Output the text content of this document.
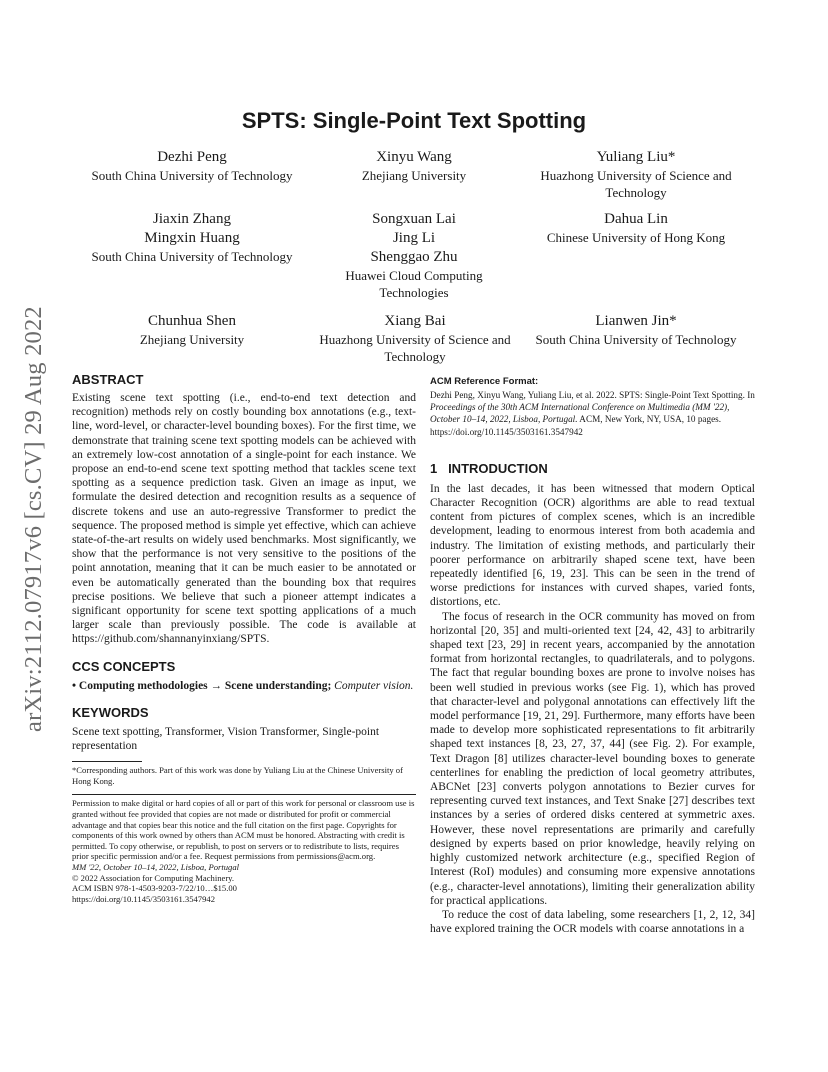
arXiv:2112.07917v6 [cs.CV] 29 Aug 2022
SPTS: Single-Point Text Spotting
Dezhi Peng
South China University of Technology
Xinyu Wang
Zhejiang University
Yuliang Liu*
Huazhong University of Science and Technology
Jiaxin Zhang
Mingxin Huang
South China University of Technology
Songxuan Lai
Jing Li
Shenggao Zhu
Huawei Cloud Computing Technologies
Dahua Lin
Chinese University of Hong Kong
Chunhua Shen
Zhejiang University
Xiang Bai
Huazhong University of Science and Technology
Lianwen Jin*
South China University of Technology
ABSTRACT

Existing scene text spotting (i.e., end-to-end text detection and recognition) methods rely on costly bounding box annotations (e.g., text-line, word-level, or character-level bounding boxes). For the first time, we demonstrate that training scene text spotting models can be achieved with an extremely low-cost annotation of a single-point for each instance. We propose an end-to-end scene text spotting method that tackles scene text spotting as a sequence prediction task. Given an image as input, we formulate the desired detection and recognition results as a sequence of discrete tokens and use an auto-regressive Transformer to predict the sequence. The proposed method is simple yet effective, which can achieve state-of-the-art results on widely used benchmarks. Most significantly, we show that the performance is not very sensitive to the positions of the point annotation, meaning that it can be much easier to be annotated or even be automatically generated than the bounding box that requires precise positions. We believe that such a pioneer attempt indicates a significant opportunity for scene text spotting applications of a much larger scale than previously possible. The code is available at https://github.com/shannanyinxiang/SPTS.

CCS CONCEPTS

• Computing methodologies → Scene understanding; Computer vision.

KEYWORDS

Scene text spotting, Transformer, Vision Transformer, Single-point representation

*Corresponding authors. Part of this work was done by Yuliang Liu at the Chinese University of Hong Kong.

Permission to make digital or hard copies of all or part of this work for personal or classroom use is granted without fee provided that copies are not made or distributed for profit or commercial advantage and that copies bear this notice and the full citation on the first page. Copyrights for components of this work owned by others than ACM must be honored. Abstracting with credit is permitted. To copy otherwise, or republish, to post on servers or to redistribute to lists, requires prior specific permission and/or a fee. Request permissions from permissions@acm.org.

MM '22, October 10–14, 2022, Lisboa, Portugal

© 2022 Association for Computing Machinery.

ACM ISBN 978-1-4503-9203-7/22/10…$15.00

https://doi.org/10.1145/3503161.3547942

ACM Reference Format:

Dezhi Peng, Xinyu Wang, Yuliang Liu, et al. 2022. SPTS: Single-Point Text Spotting. In Proceedings of the 30th ACM International Conference on Multimedia (MM '22), October 10–14, 2022, Lisboa, Portugal. ACM, New York, NY, USA, 10 pages. https://doi.org/10.1145/3503161.3547942

1   INTRODUCTION

In the last decades, it has been witnessed that modern Optical Character Recognition (OCR) algorithms are able to read textual content from pictures of complex scenes, which is an incredible development, leading to enormous interest from both academia and industry. The limitation of existing methods, and particularly their poorer performance on arbitrarily shaped scene text, have been repeatedly identified [6, 19, 23]. This can be seen in the trend of worse predictions for instances with curved shapes, varied fonts, distortions, etc.

The focus of research in the OCR community has moved on from horizontal [20, 35] and multi-oriented text [24, 42, 43] to arbitrarily shaped text [23, 29] in recent years, accompanied by the annotation format from horizontal rectangles, to quadrilaterals, and to polygons. The fact that regular bounding boxes are prone to involve noises has been well studied in previous works (see Fig. 1), which has proved that character-level and polygonal annotations can effectively lift the model performance [19, 21, 29]. Furthermore, many efforts have been made to develop more sophisticated representations to fit arbitrarily shaped text instances [8, 23, 27, 37, 44] (see Fig. 2). For example, Text Dragon [8] utilizes character-level bounding boxes to generate centerlines for enabling the prediction of local geometry attributes, ABCNet [23] converts polygon annotations to Bezier curves for representing curved text instances, and Text Snake [27] describes text instances by a series of ordered disks centered at symmetric axes. However, these novel representations are primarily and carefully designed by experts based on prior knowledge, heavily relying on highly customized network architecture (e.g., specified Region of Interest (RoI) modules) and consuming more expensive annotations (e.g., character-level annotations), limiting their generalization ability for practical applications.

To reduce the cost of data labeling, some researchers [1, 2, 12, 34] have explored training the OCR models with coarse annotations in a
